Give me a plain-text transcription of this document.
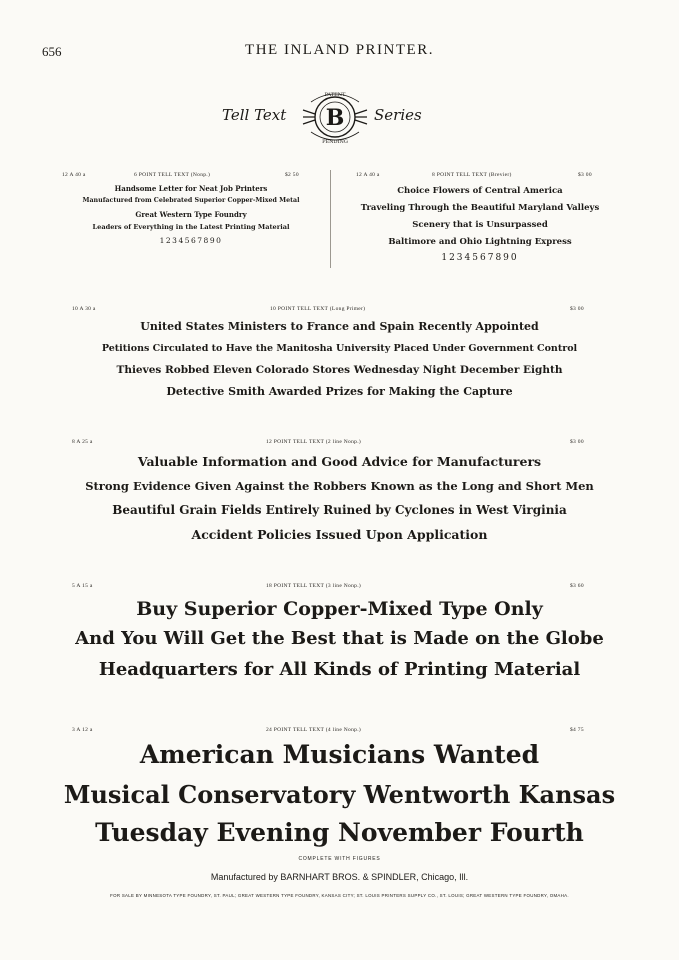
656	THE INLAND PRINTER.
Tell Text B
PATENT
PENDING
Series
12 A 40 a	6 POINT TELL TEXT (Nonp.)	$2 50
Handsome Letter for Neat Job Printers
Manufactured from Celebrated Superior Copper-Mixed Metal
Great Western Type Foundry
Leaders of Everything in the Latest Printing Material
1234567890
12 A 40 a	8 POINT TELL TEXT (Brevier)	$3 00
Choice Flowers of Central America
Traveling Through the Beautiful Maryland Valleys
Scenery that is Unsurpassed
Baltimore and Ohio Lightning Express
1234567890
10 A 30 a	10 POINT TELL TEXT (Long Primer)	$3 00
United States Ministers to France and Spain Recently Appointed
Petitions Circulated to Have the Manitosha University Placed Under Government Control
Thieves Robbed Eleven Colorado Stores Wednesday Night December Eighth
Detective Smith Awarded Prizes for Making the Capture
8 A 25 a	12 POINT TELL TEXT (2 line Nonp.)	$3 00
Valuable Information and Good Advice for Manufacturers
Strong Evidence Given Against the Robbers Known as the Long and Short Men
Beautiful Grain Fields Entirely Ruined by Cyclones in West Virginia
Accident Policies Issued Upon Application
5 A 15 a	18 POINT TELL TEXT (3 line Nonp.)	$3 60
Buy Superior Copper-Mixed Type Only
And You Will Get the Best that is Made on the Globe
Headquarters for All Kinds of Printing Material
3 A 12 a	24 POINT TELL TEXT (4 line Nonp.)	$4 75
American Musicians Wanted
Musical Conservatory Wentworth Kansas
Tuesday Evening November Fourth
COMPLETE WITH FIGURES
Manufactured by BARNHART BROS. & SPINDLER, Chicago, Ill.
FOR SALE BY MINNESOTA TYPE FOUNDRY, ST. PAUL; GREAT WESTERN TYPE FOUNDRY, KANSAS CITY; ST. LOUIS PRINTERS SUPPLY CO., ST. LOUIS; GREAT WESTERN TYPE FOUNDRY, OMAHA.
